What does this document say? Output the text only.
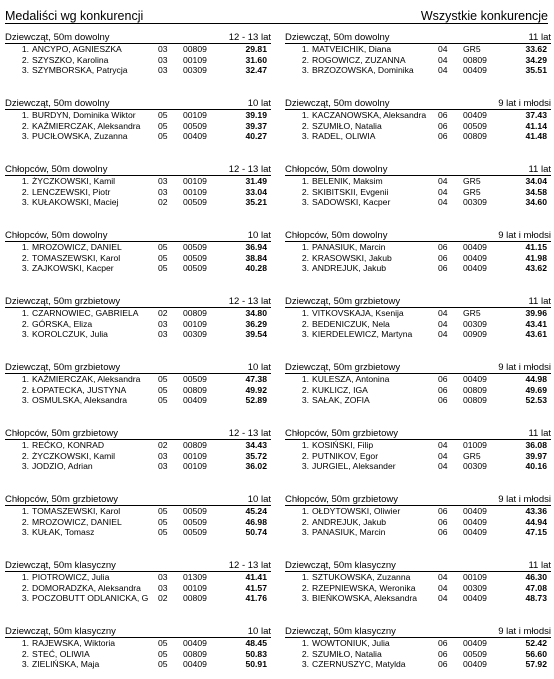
Medaliści wg konkurencji	Wszystkie konkurencje
Dziewcząt, 50m dowolny	12 - 13 lat
1. ANCYPO, AGNIESZKA	03 00809	29.81
2. SZYSZKO, Karolina	03 00109	31.60
3. SZYMBORSKA, Patrycja	03 00309	32.47
Dziewcząt, 50m dowolny	10 lat
1. BURDYN, Dominika Wiktor	05 00109	39.19
2. KAŹMIERCZAK, Aleksandra	05 00509	39.37
3. PUCIŁOWSKA, Zuzanna	05 00409	40.27
Chłopców, 50m dowolny	12 - 13 lat
1. ŻYCZKOWSKI, Kamil	03 00109	31.49
2. LENCZEWSKI, Piotr	03 00109	33.04
3. KUŁAKOWSKI, Maciej	02 00509	35.21
Chłopców, 50m dowolny	10 lat
1. MROZOWICZ, DANIEL	05 00509	36.94
2. TOMASZEWSKI, Karol	05 00509	38.84
3. ZAJKOWSKI, Kacper	05 00509	40.28
Dziewcząt, 50m grzbietowy	12 - 13 lat
1. CZARNOWIEC, GABRIELA	02 00809	34.80
2. GÓRSKA, Eliza	03 00109	36.29
3. KOROLCZUK, Julia	03 00309	39.54
Dziewcząt, 50m grzbietowy	10 lat
1. KAŹMIERCZAK, Aleksandra	05 00509	47.38
2. ŁOPATECKA, JUSTYNA	05 00809	49.92
3. OSMULSKA, Aleksandra	05 00409	52.89
Chłopców, 50m grzbietowy	12 - 13 lat
1. REĆKO, KONRAD	02 00809	34.43
2. ŻYCZKOWSKI, Kamil	03 00109	35.72
3. JODZIO, Adrian	03 00109	36.02
Chłopców, 50m grzbietowy	10 lat
1. TOMASZEWSKI, Karol	05 00509	45.24
2. MROZOWICZ, DANIEL	05 00509	46.98
3. KUŁAK, Tomasz	05 00509	50.74
Dziewcząt, 50m klasyczny	12 - 13 lat
1. PIOTROWICZ, Julia	03 01309	41.41
2. DOMORADZKA, Aleksandra	03 00109	41.57
3. POCZOBUTT ODLANICKA, G	02 00809	41.76
Dziewcząt, 50m klasyczny	10 lat
1. RAJEWSKA, Wiktoria	05 00409	48.45
2. STEĆ, OLIWIA	05 00809	50.83
3. ZIELIŃSKA, Maja	05 00409	50.91
Dziewcząt, 50m dowolny	11 lat
1. MATVEICHIK, Diana	04 GR5	33.62
2. ROGOWICZ, ZUZANNA	04 00809	34.29
3. BRZOZOWSKA, Dominika	04 00409	35.51
Dziewcząt, 50m dowolny	9 lat i młodsi
1. KACZANOWSKA, Aleksandra	06 00409	37.43
2. SZUMIŁO, Natalia	06 00509	41.14
3. RADEL, OLIWIA	06 00809	41.48
Chłopców, 50m dowolny	11 lat
1. BELENIK, Maksim	04 GR5	34.04
2. SKIBITSKII, Evgenii	04 GR5	34.58
3. SADOWSKI, Kacper	04 00309	34.60
Chłopców, 50m dowolny	9 lat i młodsi
1. PANASIUK, Marcin	06 00409	41.15
2. KRASOWSKI, Jakub	06 00409	41.98
3. ANDREJUK, Jakub	06 00409	43.62
Dziewcząt, 50m grzbietowy	11 lat
1. VITKOVSKAJA, Ksenija	04 GR5	39.96
2. BEDENICZUK, Nela	04 00309	43.41
3. KIERDELEWICZ, Martyna	04 00909	43.61
Dziewcząt, 50m grzbietowy	9 lat i młodsi
1. KULESZA, Antonina	06 00409	44.98
2. KUKLICZ, IGA	06 00809	49.69
3. SAŁAK, ZOFIA	06 00809	52.53
Chłopców, 50m grzbietowy	11 lat
1. KOSIŃSKI, Filip	04 01009	36.08
2. PUTNIKOV, Egor	04 GR5	39.97
3. JURGIEL, Aleksander	04 00309	40.16
Chłopców, 50m grzbietowy	9 lat i młodsi
1. OŁDYTOWSKI, Oliwier	06 00409	43.36
2. ANDREJUK, Jakub	06 00409	44.94
3. PANASIUK, Marcin	06 00409	47.15
Dziewcząt, 50m klasyczny	11 lat
1. SZTUKOWSKA, Zuzanna	04 00109	46.30
2. RZEPNIEWSKA, Weronika	04 00309	47.08
3. BIEŃKOWSKA, Aleksandra	04 00409	48.73
Dziewcząt, 50m klasyczny	9 lat i młodsi
1. WOWTONIUK, Julia	06 00409	52.42
2. SZUMIŁO, Natalia	06 00509	56.60
3. CZERNUSZYC, Matylda	06 00409	57.92
